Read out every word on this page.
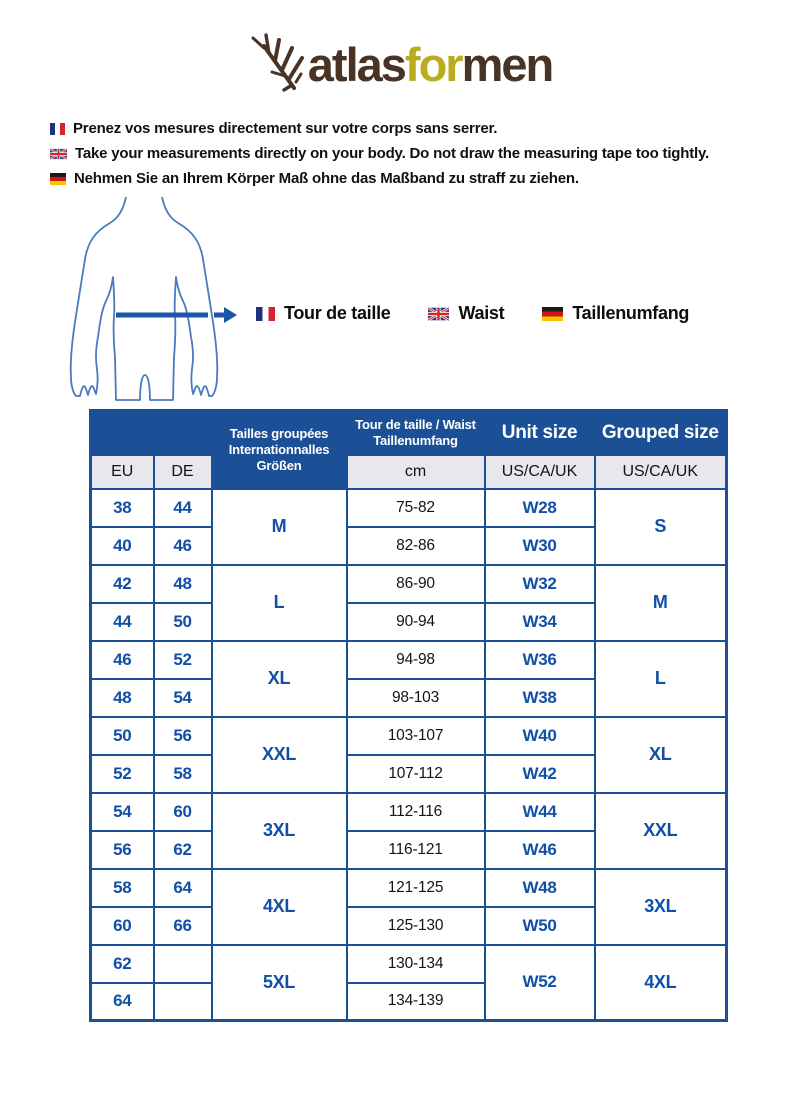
atlasformen
Prenez vos mesures directement sur votre corps sans serrer.
Take your measurements directly on your body. Do not draw the measuring tape too tightly.
Nehmen Sie an Ihrem Körper Maß ohne das Maßband zu straff zu ziehen.
Tour de taille	Waist	Taillenumfang

Tailles groupées
Internationnalles
Größen

Tour de taille / Waist
Taillenumfang	Unit size	Grouped size
EU	DE		cm	US/CA/UK	US/CA/UK
38	44	M	75-82	W28	S
40	46		82-86	W30	
42	48	L	86-90	W32	M
44	50		90-94	W34	
46	52	XL	94-98	W36	L
48	54		98-103	W38	
50	56	XXL	103-107	W40	XL
52	58		107-112	W42	
54	60	3XL	112-116	W44	XXL
56	62		116-121	W46	
58	64	4XL	121-125	W48	3XL
60	66		125-130	W50	
62		5XL	130-134	W52	4XL
64			134-139		
